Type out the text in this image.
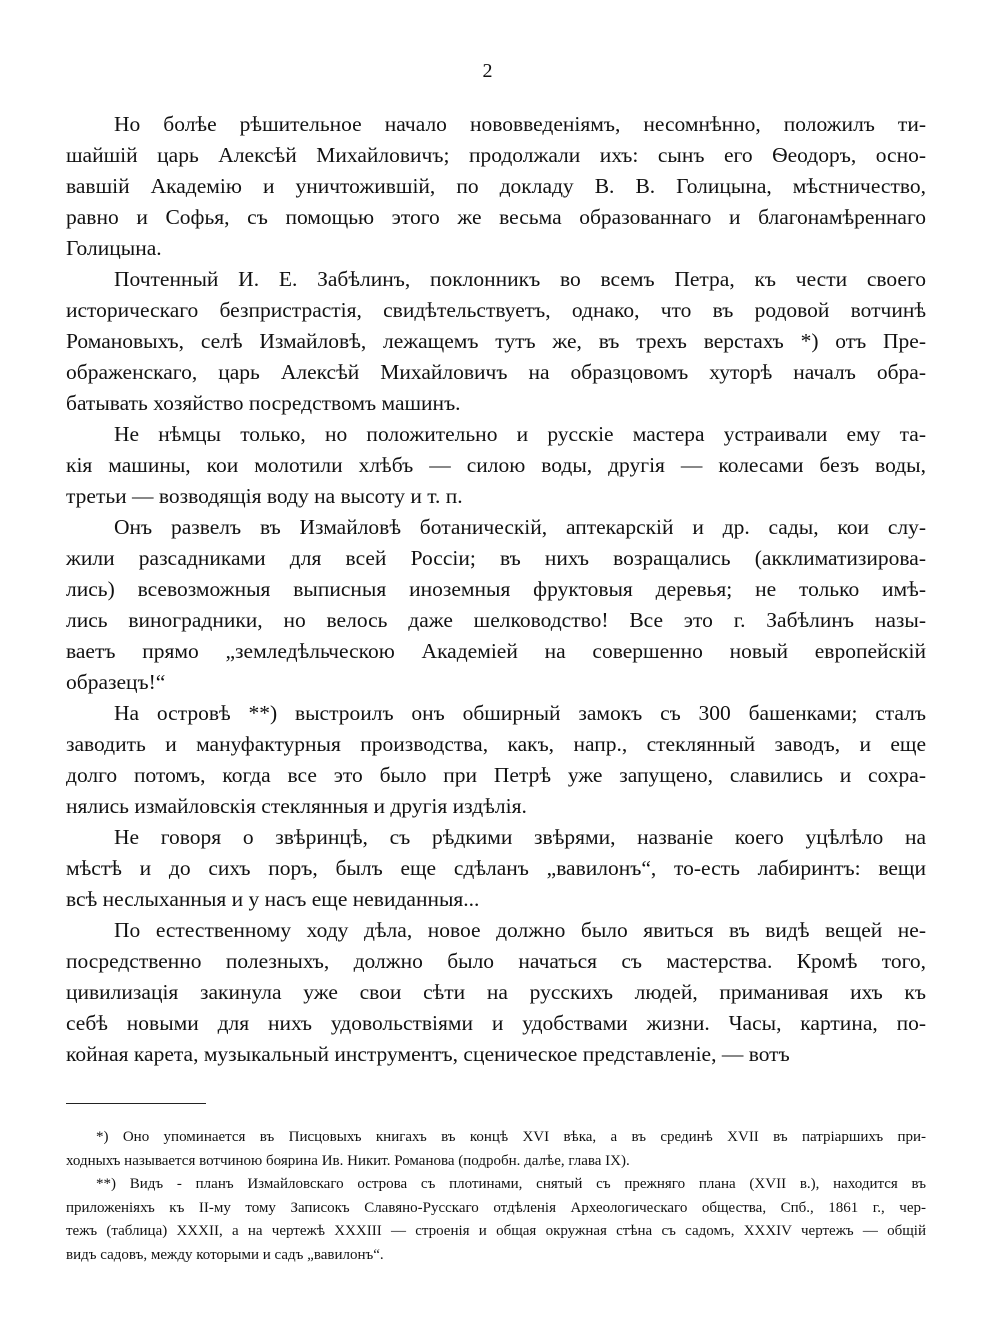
2
Но болѣе рѣшительное начало нововведеніямъ, несомнѣнно, положилъ ти-
шайшій царь Алексѣй Михайловичъ; продолжали ихъ: сынъ его Ѳеодоръ, осно-
вавшій Академію и уничтожившій, по докладу В. В. Голицына, мѣстничество,
равно и Софья, съ помощью этого же весьма образованнаго и благонамѣреннаго
Голицына.
Почтенный И. Е. Забѣлинъ, поклонникъ во всемъ Петра, къ чести своего
историческаго безпристрастія, свидѣтельствуетъ, однако, что въ родовой вотчинѣ
Романовыхъ, селѣ Измайловѣ, лежащемъ тутъ же, въ трехъ верстахъ *) отъ Пре-
ображенскаго, царь Алексѣй Михайловичъ на образцовомъ хуторѣ началъ обра-
батывать хозяйство посредствомъ машинъ.
Не нѣмцы только, но положительно и русскіе мастера устраивали ему та-
кія машины, кои молотили хлѣбъ — силою воды, другія — колесами безъ воды,
третьи — возводящія воду на высоту и т. п.
Онъ развелъ въ Измайловѣ ботаническій, аптекарскій и др. сады, кои слу-
жили разсадниками для всей Россіи; въ нихъ возращались (акклиматизирова-
лись) всевозможныя выписныя иноземныя фруктовыя деревья; не только имѣ-
лись виноградники, но велось даже шелководство! Все это г. Забѣлинъ назы-
ваетъ прямо „земледѣльческою Академіей на совершенно новый европейскій
образецъ!“
На островѣ **) выстроилъ онъ обширный замокъ съ 300 башенками; сталъ
заводить и мануфактурныя производства, какъ, напр., стеклянный заводъ, и еще
долго потомъ, когда все это было при Петрѣ уже запущено, славились и сохра-
нялись измайловскія стеклянныя и другія издѣлія.
Не говоря о звѣринцѣ, съ рѣдкими звѣрями, названіе коего уцѣлѣло на
мѣстѣ и до сихъ поръ, былъ еще сдѣланъ „вавилонъ“, то-есть лабиринтъ: вещи
всѣ неслыханныя и у насъ еще невиданныя...
По естественному ходу дѣла, новое должно было явиться въ видѣ вещей не-
посредственно полезныхъ, должно было начаться съ мастерства. Кромѣ того,
цивилизація закинула уже свои сѣти на русскихъ людей, приманивая ихъ къ
себѣ новыми для нихъ удовольствіями и удобствами жизни. Часы, картина, по-
койная карета, музыкальный инструментъ, сценическое представленіе, — вотъ
*) Оно упоминается въ Писцовыхъ книгахъ въ концѣ XVI вѣка, а въ срединѣ XVII въ патріаршихъ при-
ходныхъ называется вотчиною боярина Ив. Никит. Романова (подробн. далѣе, глава IX).
**) Видъ - планъ Измайловскаго острова съ плотинами, снятый съ прежняго плана (XVII в.), находится въ
приложеніяхъ къ II-му тому Записокъ Славяно-Русскаго отдѣленія Археологическаго общества, Спб., 1861 г., чер-
тежъ (таблица) XXXII, а на чертежѣ XXXIII — строенія и общая окружная стѣна съ садомъ, XXXIV чертежъ — общій
видъ садовъ, между которыми и садъ „вавилонъ“.
